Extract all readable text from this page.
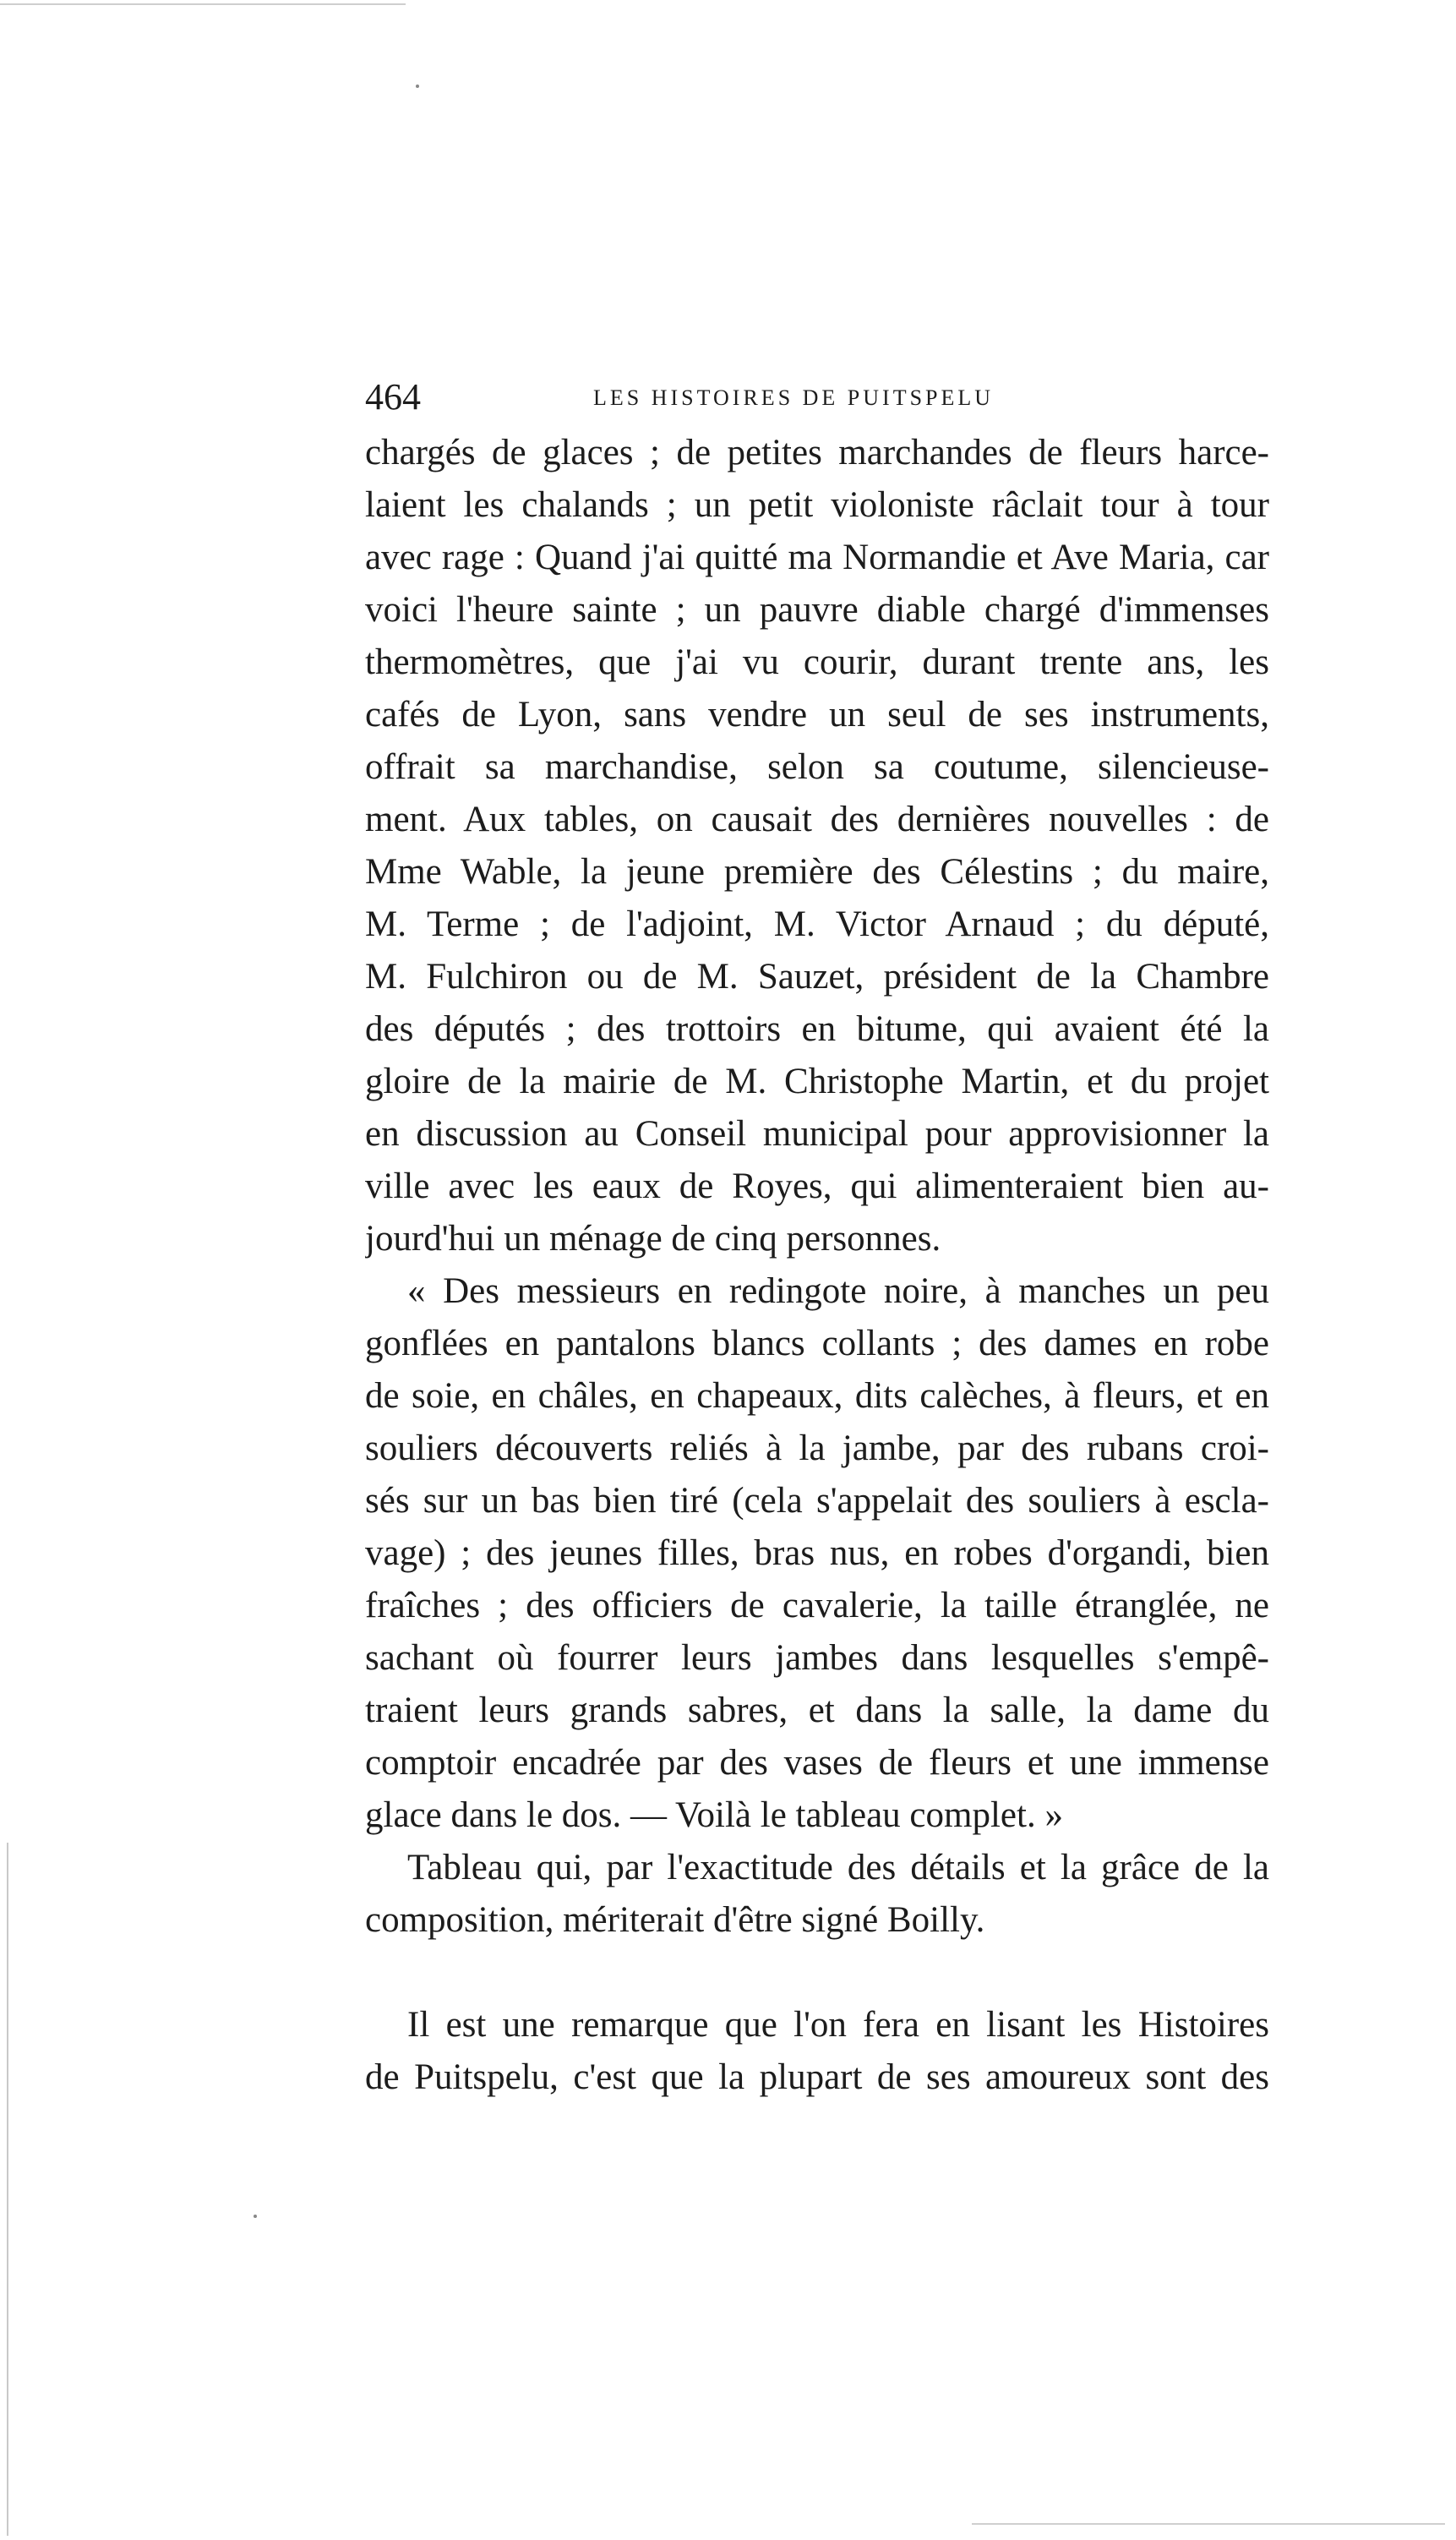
464	LES HISTOIRES DE PUITSPELU
chargés de glaces ; de petites marchandes de fleurs harce-
laient les chalands ; un petit violoniste râclait tour à tour
avec rage : Quand j'ai quitté ma Normandie et Ave Maria, car
voici l'heure sainte ; un pauvre diable chargé d'immenses
thermomètres, que j'ai vu courir, durant trente ans, les
cafés de Lyon, sans vendre un seul de ses instruments,
offrait sa marchandise, selon sa coutume, silencieuse-
ment. Aux tables, on causait des dernières nouvelles : de
Mme Wable, la jeune première des Célestins ; du maire,
M. Terme ; de l'adjoint, M. Victor Arnaud ; du député,
M. Fulchiron ou de M. Sauzet, président de la Chambre
des députés ; des trottoirs en bitume, qui avaient été la
gloire de la mairie de M. Christophe Martin, et du projet
en discussion au Conseil municipal pour approvisionner la
ville avec les eaux de Royes, qui alimenteraient bien au-
jourd'hui un ménage de cinq personnes.
« Des messieurs en redingote noire, à manches un peu
gonflées en pantalons blancs collants ; des dames en robe
de soie, en châles, en chapeaux, dits calèches, à fleurs, et en
souliers découverts reliés à la jambe, par des rubans croi-
sés sur un bas bien tiré (cela s'appelait des souliers à escla-
vage) ; des jeunes filles, bras nus, en robes d'organdi, bien
fraîches ; des officiers de cavalerie, la taille étranglée, ne
sachant où fourrer leurs jambes dans lesquelles s'empê-
traient leurs grands sabres, et dans la salle, la dame du
comptoir encadrée par des vases de fleurs et une immense
glace dans le dos. — Voilà le tableau complet. »
Tableau qui, par l'exactitude des détails et la grâce de la
composition, mériterait d'être signé Boilly.
Il est une remarque que l'on fera en lisant les Histoires
de Puitspelu, c'est que la plupart de ses amoureux sont des
